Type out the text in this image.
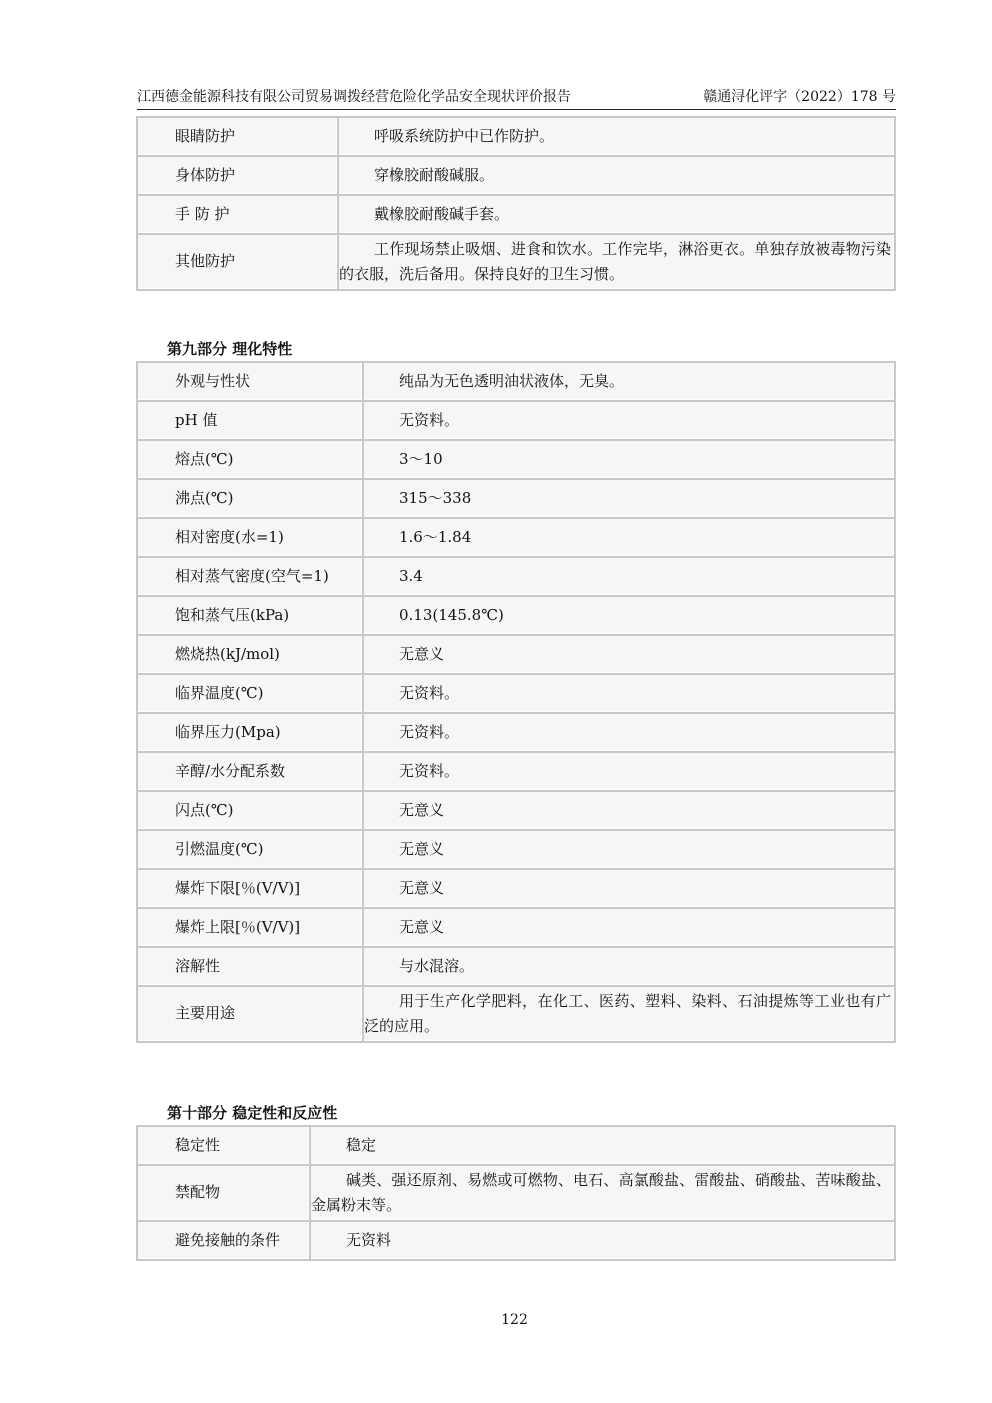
江西德金能源科技有限公司贸易调拨经营危险化学品安全现状评价报告	赣通浔化评字（2022）178 号
眼睛防护	呼吸系统防护中已作防护。
身体防护	穿橡胶耐酸碱服。
手 防 护	戴橡胶耐酸碱手套。
其他防护	工作现场禁止吸烟、进食和饮水。工作完毕，淋浴更衣。单独存放被毒物污染的衣服，洗后备用。保持良好的卫生习惯。
第九部分 理化特性
外观与性状	纯品为无色透明油状液体，无臭。
pH 值	无资料。
熔点(℃)	3～10
沸点(℃)	315～338
相对密度(水=1)	1.6～1.84
相对蒸气密度(空气=1)	3.4
饱和蒸气压(kPa)	0.13(145.8℃)
燃烧热(kJ/mol)	无意义
临界温度(℃)	无资料。
临界压力(Mpa)	无资料。
辛醇/水分配系数	无资料。
闪点(℃)	无意义
引燃温度(℃)	无意义
爆炸下限[％(V/V)]	无意义
爆炸上限[％(V/V)]	无意义
溶解性	与水混溶。
主要用途	用于生产化学肥料，在化工、医药、塑料、染料、石油提炼等工业也有广泛的应用。
第十部分 稳定性和反应性
稳定性	稳定
禁配物	碱类、强还原剂、易燃或可燃物、电石、高氯酸盐、雷酸盐、硝酸盐、苦味酸盐、金属粉末等。

避免接触的条件	无资料
122
